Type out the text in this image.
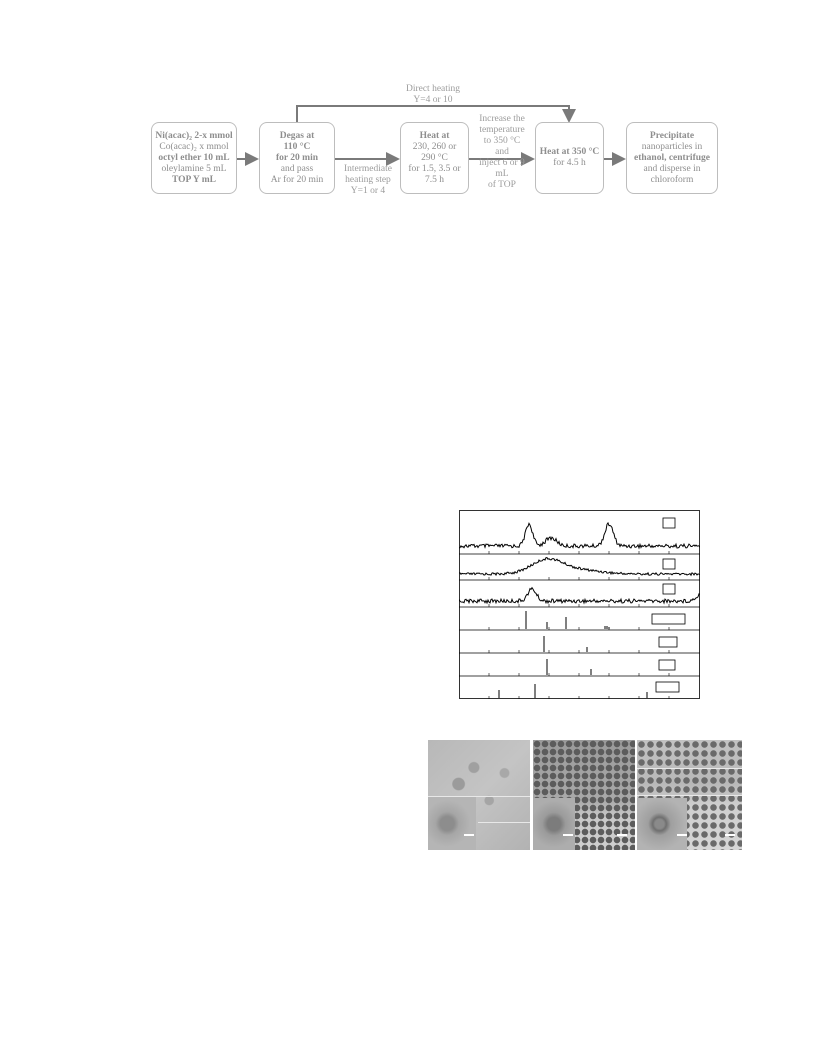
Direct heating
Y=4 or 10
Ni(acac)₂ 2-x mmol
Co(acac)₂ x mmol
octyl ether 10 mL
oleylamine 5 mL
TOP Y mL
Degas at
110 °C
for 20 min
and pass
Ar for 20 min
Intermediate
heating step
Y=1 or 4
Heat at
230, 260 or
290 °C
for 1.5, 3.5 or
7.5 h
Increase the
temperature
to 350 °C
and
inject 6 or 9
mL
of TOP
Heat at 350 °C
for 4.5 h
Precipitate
nanoparticles in
ethanol, centrifuge
and disperse in
chloroform
